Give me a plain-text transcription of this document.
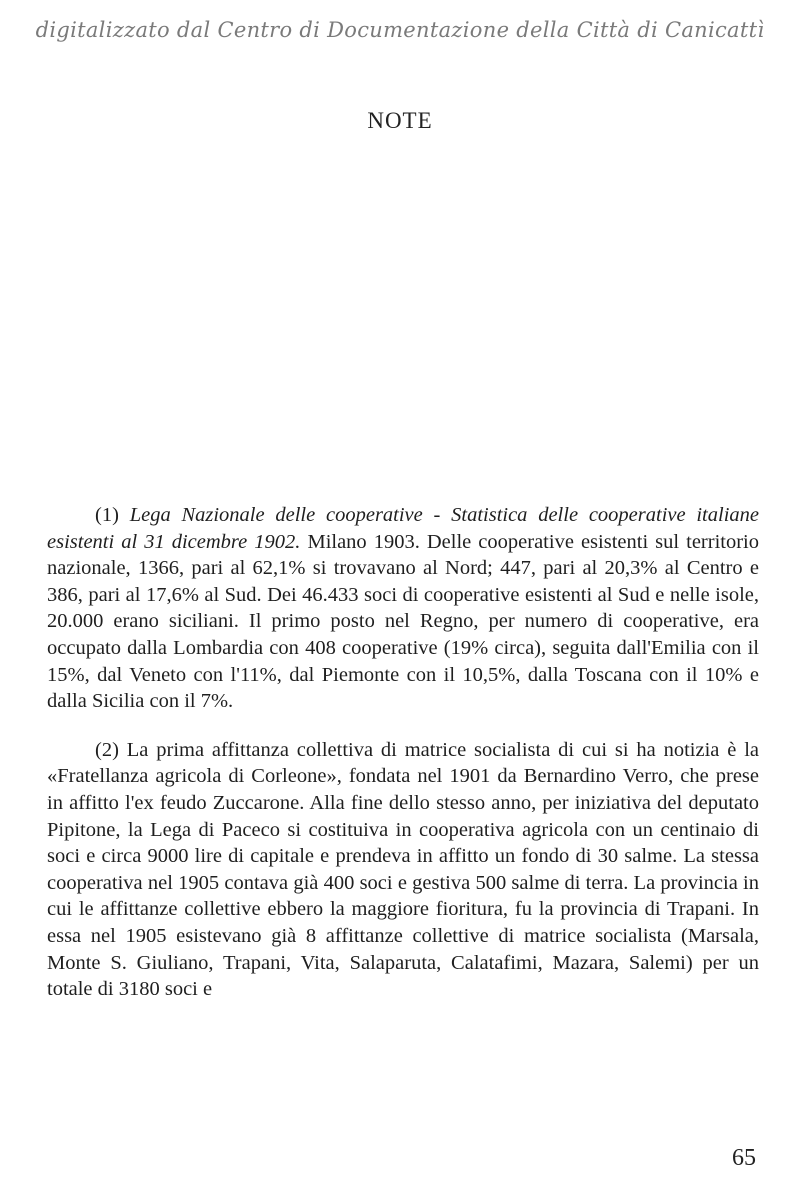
digitalizzato dal Centro di Documentazione della Città di Canicattì
NOTE

(1) Lega Nazionale delle cooperative - Statistica delle cooperative italiane esistenti al 31 dicembre 1902. Milano 1903. Delle cooperative esistenti sul territorio nazionale, 1366, pari al 62,1% si trovavano al Nord; 447, pari al 20,3% al Centro e 386, pari al 17,6% al Sud. Dei 46.433 soci di cooperative esistenti al Sud e nelle isole, 20.000 erano siciliani. Il primo posto nel Regno, per numero di cooperative, era occupato dalla Lombardia con 408 cooperative (19% circa), seguita dall'Emilia con il 15%, dal Veneto con l'11%, dal Piemonte con il 10,5%, dalla Toscana con il 10% e dalla Sicilia con il 7%.

(2) La prima affittanza collettiva di matrice socialista di cui si ha notizia è la «Fratellanza agricola di Corleone», fondata nel 1901 da Bernardino Verro, che prese in affitto l'ex feudo Zuccarone. Alla fine dello stesso anno, per iniziativa del deputato Pipitone, la Lega di Paceco si costituiva in cooperativa agricola con un centinaio di soci e circa 9000 lire di capitale e prendeva in affitto un fondo di 30 salme. La stessa cooperativa nel 1905 contava già 400 soci e gestiva 500 salme di terra. La provincia in cui le affittanze collettive ebbero la maggiore fioritura, fu la provincia di Trapani. In essa nel 1905 esistevano già 8 affittanze collettive di matrice socialista (Marsala, Monte S. Giuliano, Trapani, Vita, Salaparuta, Calatafimi, Mazara, Salemi) per un totale di 3180 soci e

65
